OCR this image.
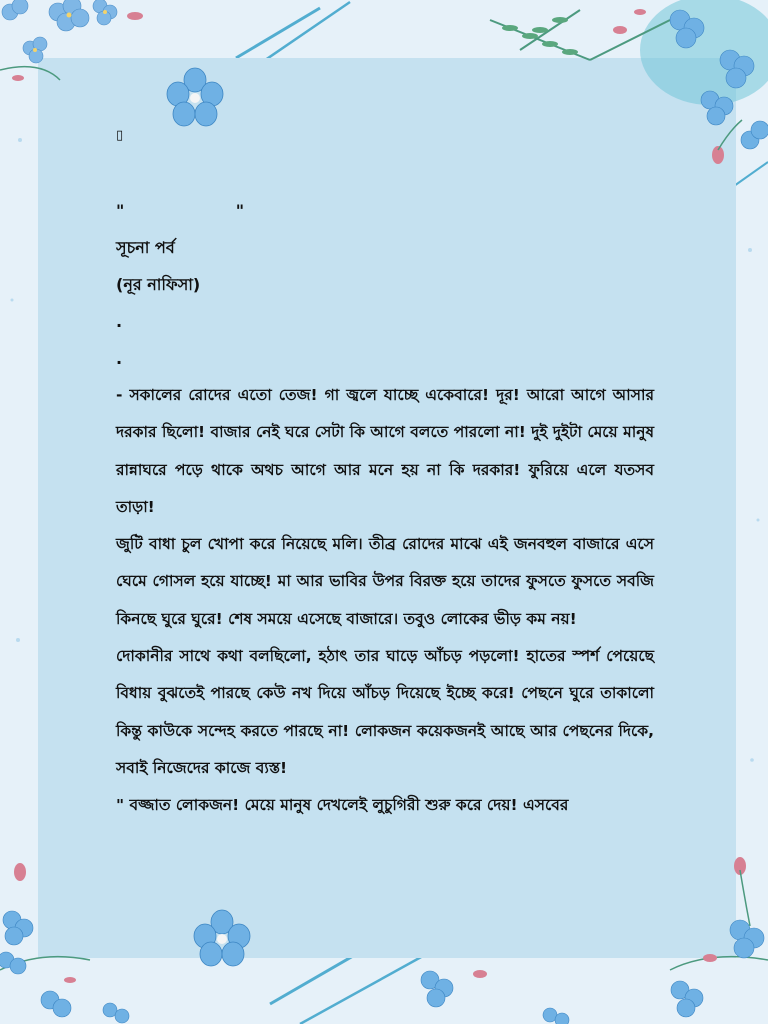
▯
"                    "
সূচনা পর্ব
(নূর নাফিসা)
.
.
- সকালের রোদের এতো তেজ! গা জ্বলে যাচ্ছে একেবারে! দূর! আরো আগে আসার দরকার ছিলো! বাজার নেই ঘরে সেটা কি আগে বলতে পারলো না! দুই দুইটা মেয়ে মানুষ রান্নাঘরে পড়ে থাকে অথচ আগে আর মনে হয় না কি দরকার! ফুরিয়ে এলে যতসব তাড়া!
জুটি বাধা চুল খোপা করে নিয়েছে মলি। তীব্র রোদের মাঝে এই জনবহুল বাজারে এসে ঘেমে গোসল হয়ে যাচ্ছে! মা আর ভাবির উপর বিরক্ত হয়ে তাদের ফুসতে ফুসতে সবজি কিনছে ঘুরে ঘুরে! শেষ সময়ে এসেছে বাজারে। তবুও লোকের ভীড় কম নয়!
দোকানীর সাথে কথা বলছিলো, হঠাৎ তার ঘাড়ে আঁচড় পড়লো! হাতের স্পর্শ পেয়েছে বিধায় বুঝতেই পারছে কেউ নখ দিয়ে আঁচড় দিয়েছে ইচ্ছে করে! পেছনে ঘুরে তাকালো কিন্তু কাউকে সন্দেহ করতে পারছে না! লোকজন কয়েকজনই আছে আর পেছনের দিকে, সবাই নিজেদের কাজে ব্যস্ত!
" বজ্জাত লোকজন! মেয়ে মানুষ দেখলেই লুচুগিরী শুরু করে দেয়! এসবের
